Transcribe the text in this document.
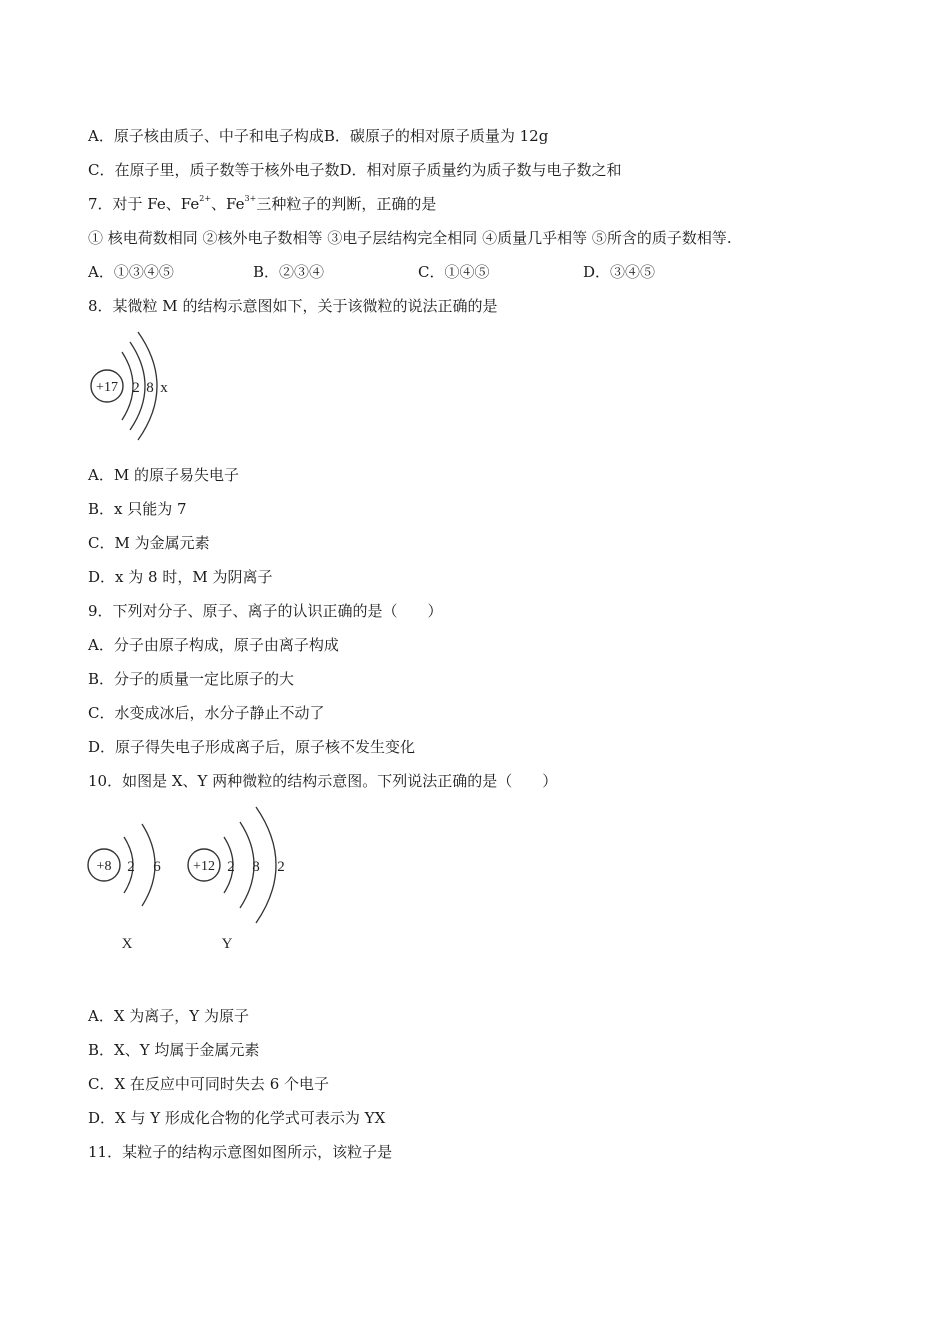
A．原子核由质子、中子和电子构成B．碳原子的相对原子质量为 12g
C．在原子里，质子数等于核外电子数D．相对原子质量约为质子数与电子数之和
7．对于 Fe、$Fe^{2+}$、$Fe^{3+}$三种粒子的判断，正确的是
① 核电荷数相同 ②核外电子数相等 ③电子层结构完全相同 ④质量几乎相等 ⑤所含的质子数相等.
A．①③④⑤	B．②③④	C．①④⑤	D．③④⑤
8．某微粒 M 的结构示意图如下，关于该微粒的说法正确的是
+17 2 8 x
A．M 的原子易失电子
B．x 只能为 7
C．M 为金属元素
D．x 为 8 时，M 为阴离子
9．下列对分子、原子、离子的认识正确的是（　　）
A．分子由原子构成，原子由离子构成
B．分子的质量一定比原子的大
C．水变成冰后，水分子静止不动了
D．原子得失电子形成离子后，原子核不发生变化
10．如图是 X、Y 两种微粒的结构示意图。下列说法正确的是（　　）
+8 2 6
X
+12 2 8 2
Y
A．X 为离子，Y 为原子
B．X、Y 均属于金属元素
C．X 在反应中可同时失去 6 个电子
D．X 与 Y 形成化合物的化学式可表示为 YX
11．某粒子的结构示意图如图所示，该粒子是
